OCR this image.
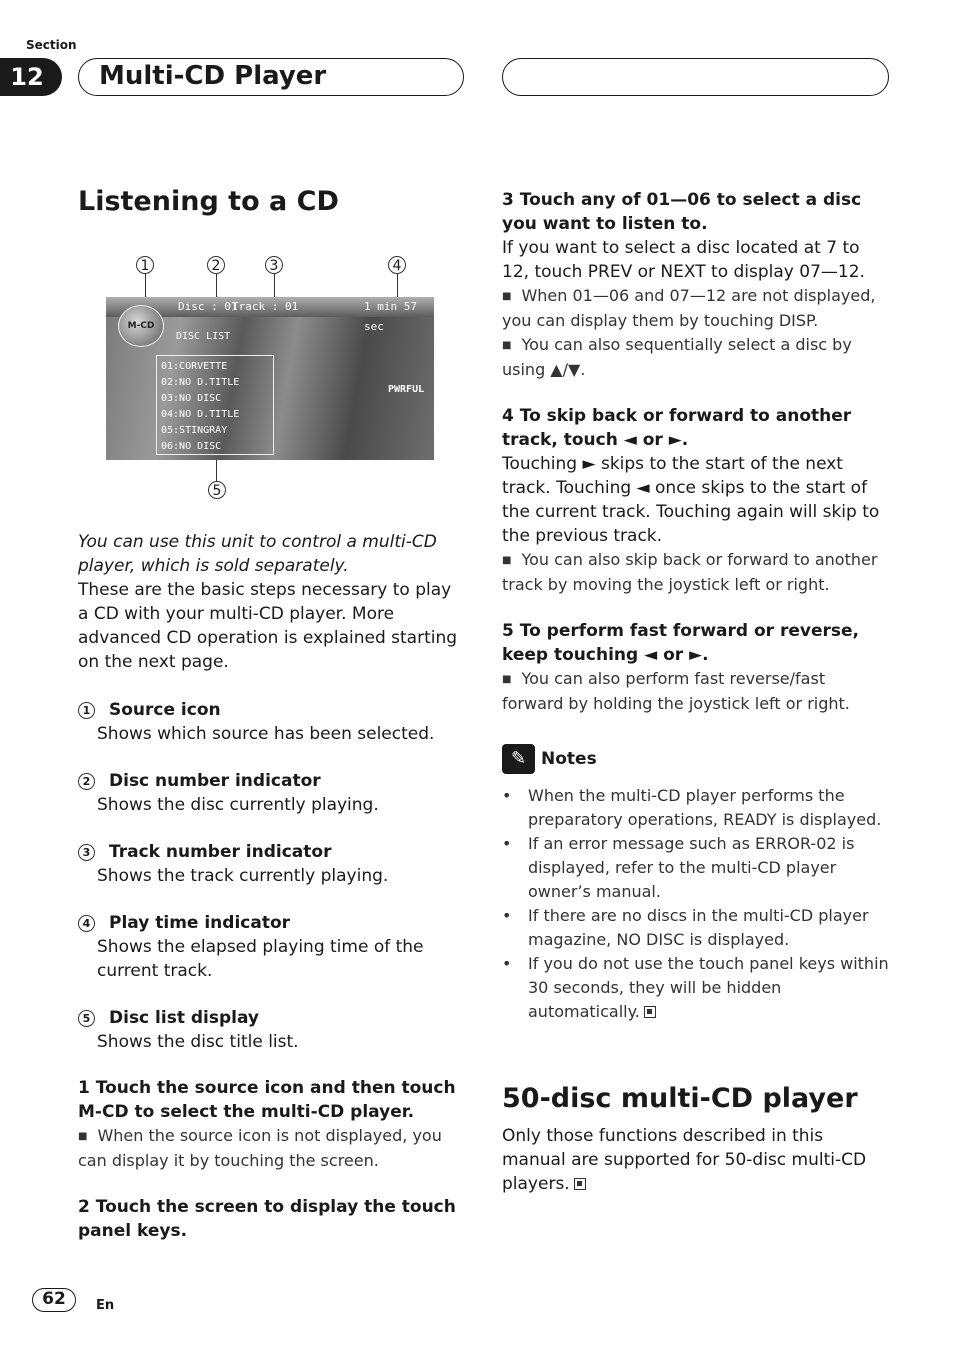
Section
12	Multi-CD Player
Listening to a CD
1	2	3	4
5
Disc : 01
Track : 01	1 min 57 sec
M-CD
DISC LIST
01:CORVETTE
02:NO D.TITLE
03:NO DISC
04:NO D.TITLE
05:STINGRAY
06:NO DISC
PWRFUL

You can use this unit to control a multi-CD player, which is sold separately.

These are the basic steps necessary to play a CD with your multi-CD player. More advanced CD operation is explained starting on the next page.

1 Source icon

Shows which source has been selected.

2 Disc number indicator

Shows the disc currently playing.

3 Track number indicator

Shows the track currently playing.

4 Play time indicator

Shows the elapsed playing time of the current track.

5 Disc list display

Shows the disc title list.

1 Touch the source icon and then touch M-CD to select the multi-CD player.

■ When the source icon is not displayed, you can display it by touching the screen.

2 Touch the screen to display the touch panel keys.

3 Touch any of 01—06 to select a disc you want to listen to.

If you want to select a disc located at 7 to 12, touch PREV or NEXT to display 07—12.

■ When 01—06 and 07—12 are not displayed, you can display them by touching DISP.

■ You can also sequentially select a disc by using ▲/▼.

4 To skip back or forward to another track, touch ◄ or ►.

Touching ► skips to the start of the next track. Touching ◄ once skips to the start of the current track. Touching again will skip to the previous track.

■ You can also skip back or forward to another track by moving the joystick left or right.

5 To perform fast forward or reverse, keep touching ◄ or ►.

■ You can also perform fast reverse/fast forward by holding the joystick left or right.

✎ Notes

•	When the multi-CD player performs the preparatory operations, READY is displayed.

•	If an error message such as ERROR-02 is displayed, refer to the multi-CD player owner’s manual.

•	If there are no discs in the multi-CD player magazine, NO DISC is displayed.

•	If you do not use the touch panel keys within 30 seconds, they will be hidden automatically.

50-disc multi-CD player

Only those functions described in this manual are supported for 50-disc multi-CD players.

62	En
